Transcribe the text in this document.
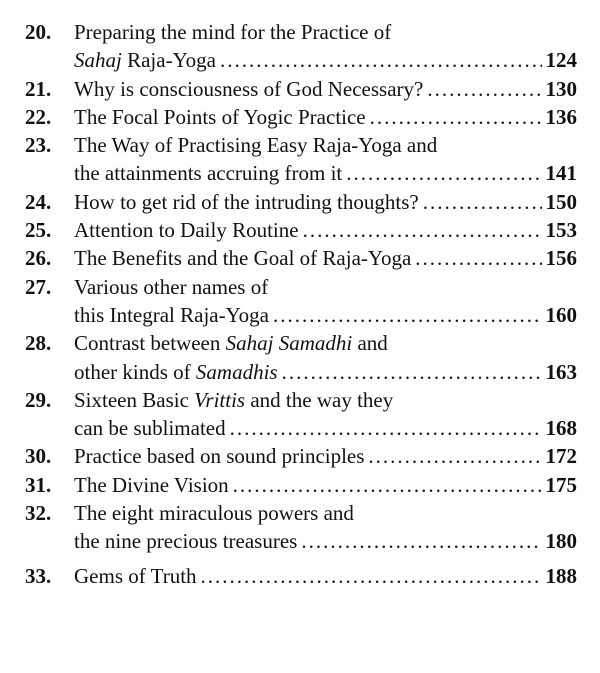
20. Preparing the mind for the Practice of
Sahaj Raja-Yoga .....	124
21. Why is consciousness of God Necessary? .....	130
22. The Focal Points of Yogic Practice .....	136
23. The Way of Practising Easy Raja-Yoga and
the attainments accruing from it .....	141
24. How to get rid of the intruding thoughts? .....	150
25. Attention to Daily Routine .....	153
26. The Benefits and the Goal of Raja-Yoga .....	156
27. Various other names of
this Integral Raja-Yoga .....	160
28. Contrast between Sahaj Samadhi and
other kinds of Samadhis .....	163
29. Sixteen Basic Vrittis and the way they
can be sublimated .....	168
30. Practice based on sound principles .....	172
31. The Divine Vision .....	175
32. The eight miraculous powers and
the nine precious treasures .....	180
33. Gems of Truth .....	188
